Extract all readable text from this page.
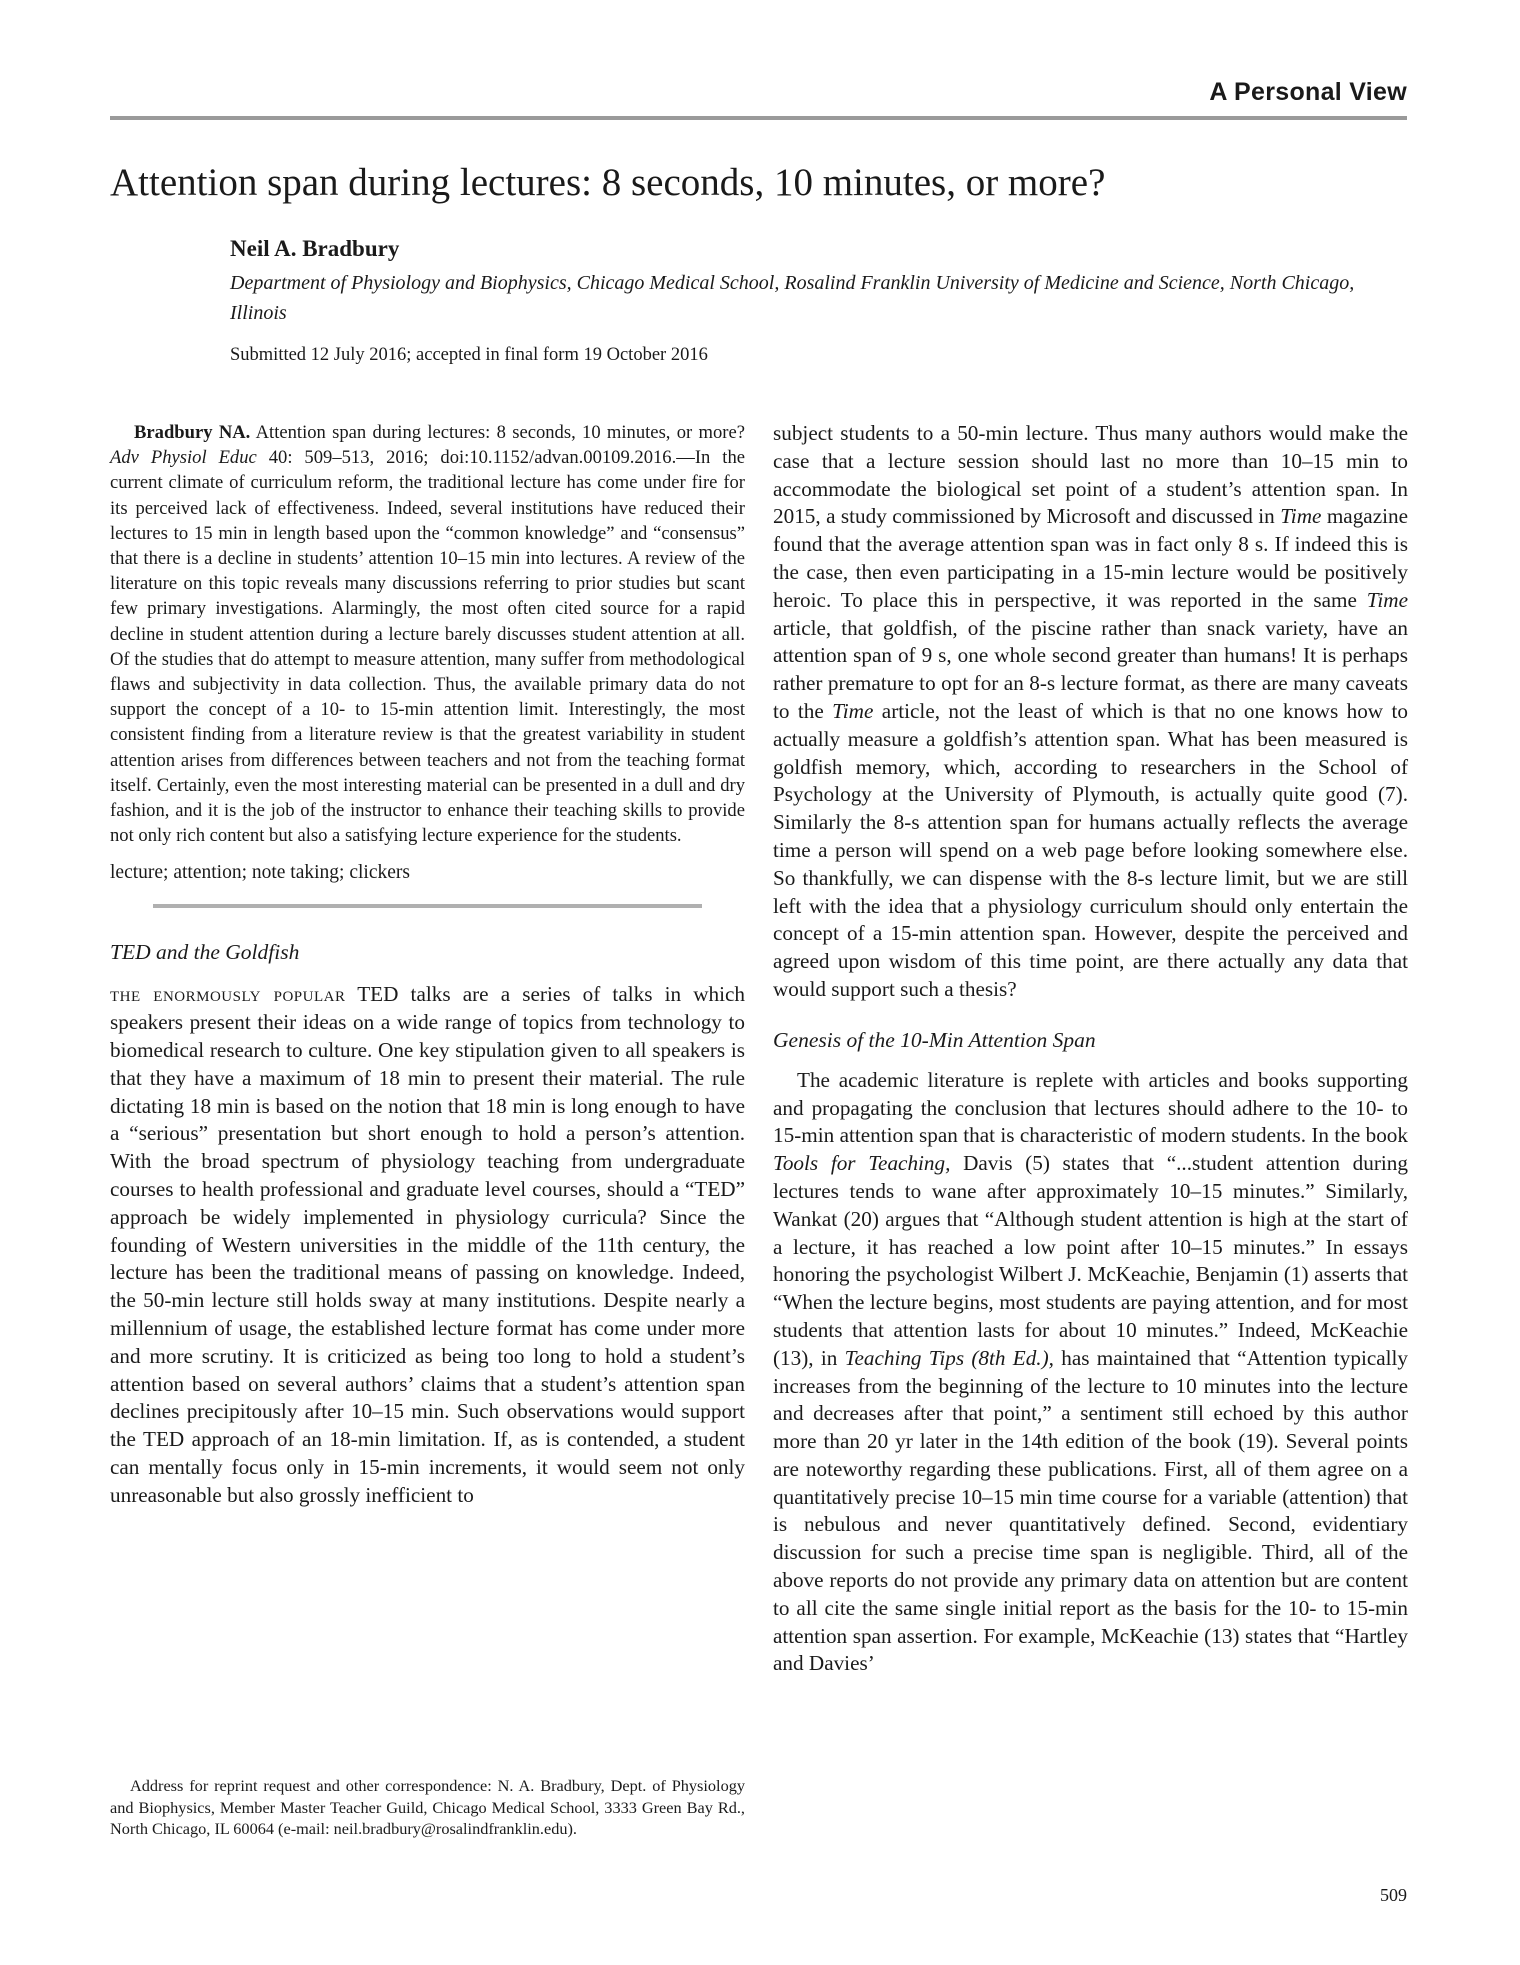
A Personal View
Attention span during lectures: 8 seconds, 10 minutes, or more?
Neil A. Bradbury
Department of Physiology and Biophysics, Chicago Medical School, Rosalind Franklin University of Medicine and Science, North Chicago, Illinois
Submitted 12 July 2016; accepted in final form 19 October 2016

Bradbury NA. Attention span during lectures: 8 seconds, 10 minutes, or more? Adv Physiol Educ 40: 509–513, 2016; doi:10.1152/advan.00109.2016.—In the current climate of curriculum reform, the traditional lecture has come under fire for its perceived lack of effectiveness. Indeed, several institutions have reduced their lectures to 15 min in length based upon the “common knowledge” and “consensus” that there is a decline in students’ attention 10–15 min into lectures. A review of the literature on this topic reveals many discussions referring to prior studies but scant few primary investigations. Alarmingly, the most often cited source for a rapid decline in student attention during a lecture barely discusses student attention at all. Of the studies that do attempt to measure attention, many suffer from methodological flaws and subjectivity in data collection. Thus, the available primary data do not support the concept of a 10- to 15-min attention limit. Interestingly, the most consistent finding from a literature review is that the greatest variability in student attention arises from differences between teachers and not from the teaching format itself. Certainly, even the most interesting material can be presented in a dull and dry fashion, and it is the job of the instructor to enhance their teaching skills to provide not only rich content but also a satisfying lecture experience for the students.

lecture; attention; note taking; clickers

TED and the Goldfish

the enormously popular TED talks are a series of talks in which speakers present their ideas on a wide range of topics from technology to biomedical research to culture. One key stipulation given to all speakers is that they have a maximum of 18 min to present their material. The rule dictating 18 min is based on the notion that 18 min is long enough to have a “serious” presentation but short enough to hold a person’s attention. With the broad spectrum of physiology teaching from undergraduate courses to health professional and graduate level courses, should a “TED” approach be widely implemented in physiology curricula? Since the founding of Western universities in the middle of the 11th century, the lecture has been the traditional means of passing on knowledge. Indeed, the 50-min lecture still holds sway at many institutions. Despite nearly a millennium of usage, the established lecture format has come under more and more scrutiny. It is criticized as being too long to hold a student’s attention based on several authors’ claims that a student’s attention span declines precipitously after 10–15 min. Such observations would support the TED approach of an 18-min limitation. If, as is contended, a student can mentally focus only in 15-min increments, it would seem not only unreasonable but also grossly inefficient to

subject students to a 50-min lecture. Thus many authors would make the case that a lecture session should last no more than 10–15 min to accommodate the biological set point of a student’s attention span. In 2015, a study commissioned by Microsoft and discussed in Time magazine found that the average attention span was in fact only 8 s. If indeed this is the case, then even participating in a 15-min lecture would be positively heroic. To place this in perspective, it was reported in the same Time article, that goldfish, of the piscine rather than snack variety, have an attention span of 9 s, one whole second greater than humans! It is perhaps rather premature to opt for an 8-s lecture format, as there are many caveats to the Time article, not the least of which is that no one knows how to actually measure a goldfish’s attention span. What has been measured is goldfish memory, which, according to researchers in the School of Psychology at the University of Plymouth, is actually quite good (7). Similarly the 8-s attention span for humans actually reflects the average time a person will spend on a web page before looking somewhere else. So thankfully, we can dispense with the 8-s lecture limit, but we are still left with the idea that a physiology curriculum should only entertain the concept of a 15-min attention span. However, despite the perceived and agreed upon wisdom of this time point, are there actually any data that would support such a thesis?

Genesis of the 10-Min Attention Span

The academic literature is replete with articles and books supporting and propagating the conclusion that lectures should adhere to the 10- to 15-min attention span that is characteristic of modern students. In the book Tools for Teaching, Davis (5) states that “...student attention during lectures tends to wane after approximately 10–15 minutes.” Similarly, Wankat (20) argues that “Although student attention is high at the start of a lecture, it has reached a low point after 10–15 minutes.” In essays honoring the psychologist Wilbert J. McKeachie, Benjamin (1) asserts that “When the lecture begins, most students are paying attention, and for most students that attention lasts for about 10 minutes.” Indeed, McKeachie (13), in Teaching Tips (8th Ed.), has maintained that “Attention typically increases from the beginning of the lecture to 10 minutes into the lecture and decreases after that point,” a sentiment still echoed by this author more than 20 yr later in the 14th edition of the book (19). Several points are noteworthy regarding these publications. First, all of them agree on a quantitatively precise 10–15 min time course for a variable (attention) that is nebulous and never quantitatively defined. Second, evidentiary discussion for such a precise time span is negligible. Third, all of the above reports do not provide any primary data on attention but are content to all cite the same single initial report as the basis for the 10- to 15-min attention span assertion. For example, McKeachie (13) states that “Hartley and Davies’

Address for reprint request and other correspondence: N. A. Bradbury, Dept. of Physiology and Biophysics, Member Master Teacher Guild, Chicago Medical School, 3333 Green Bay Rd., North Chicago, IL 60064 (e-mail: neil.bradbury@rosalindfranklin.edu).

509
